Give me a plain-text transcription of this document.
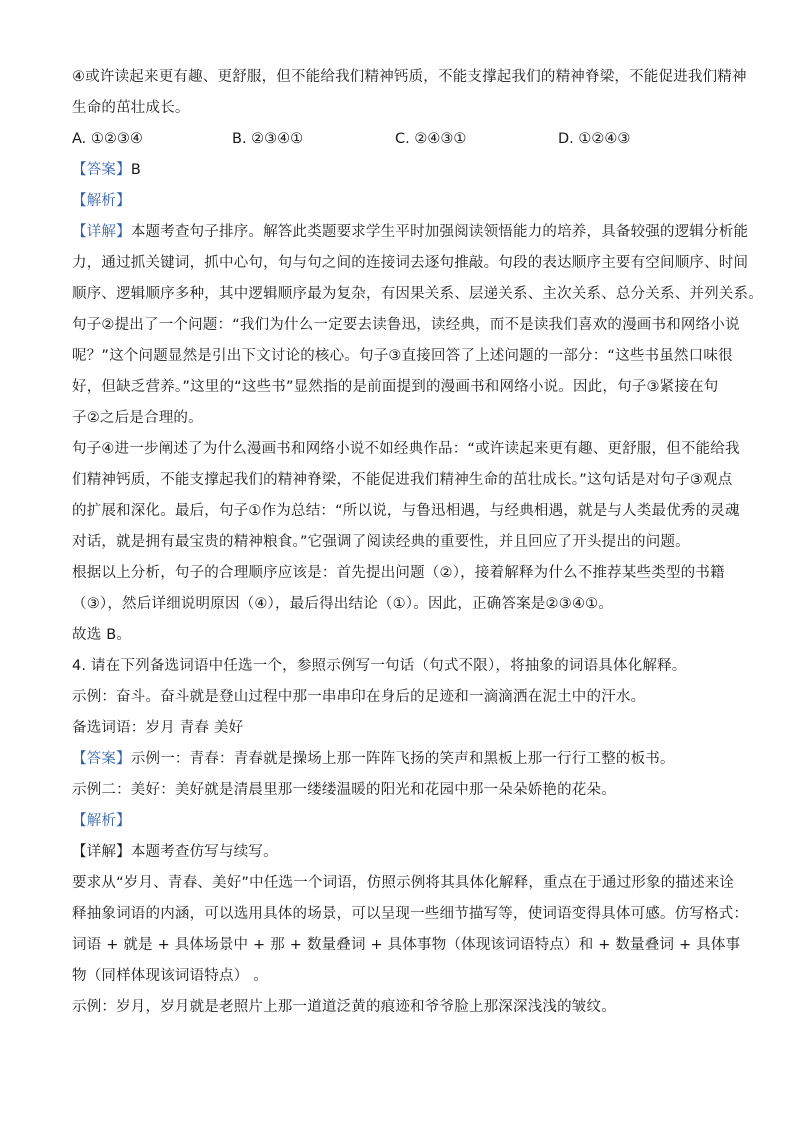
④或许读起来更有趣、更舒服，但不能给我们精神钙质，不能支撑起我们的精神脊梁，不能促进我们精神
生命的茁壮成长。
A. ①②③④	B. ②③④①	C. ②④③①	D. ①②④③
【答案】B
【解析】
【详解】本题考查句子排序。解答此类题要求学生平时加强阅读领悟能力的培养，具备较强的逻辑分析能
力，通过抓关键词，抓中心句，句与句之间的连接词去逐句推敲。句段的表达顺序主要有空间顺序、时间
顺序、逻辑顺序多种，其中逻辑顺序最为复杂，有因果关系、层递关系、主次关系、总分关系、并列关系。
句子②提出了一个问题：“我们为什么一定要去读鲁迅，读经典，而不是读我们喜欢的漫画书和网络小说
呢？”这个问题显然是引出下文讨论的核心。句子③直接回答了上述问题的一部分：“这些书虽然口味很
好，但缺乏营养。”这里的“这些书”显然指的是前面提到的漫画书和网络小说。因此，句子③紧接在句
子②之后是合理的。
句子④进一步阐述了为什么漫画书和网络小说不如经典作品：“或许读起来更有趣、更舒服，但不能给我
们精神钙质，不能支撑起我们的精神脊梁，不能促进我们精神生命的茁壮成长。”这句话是对句子③观点
的扩展和深化。最后，句子①作为总结：“所以说，与鲁迅相遇，与经典相遇，就是与人类最优秀的灵魂
对话，就是拥有最宝贵的精神粮食。”它强调了阅读经典的重要性，并且回应了开头提出的问题。
根据以上分析，句子的合理顺序应该是：首先提出问题（②），接着解释为什么不推荐某些类型的书籍
（③），然后详细说明原因（④），最后得出结论（①）。因此，正确答案是②③④①。
故选 B。
4. 请在下列备选词语中任选一个，参照示例写一句话（句式不限），将抽象的词语具体化解释。
示例：奋斗。奋斗就是登山过程中那一串串印在身后的足迹和一滴滴洒在泥土中的汗水。
备选词语：岁月 青春 美好
【答案】示例一：青春：青春就是操场上那一阵阵飞扬的笑声和黑板上那一行行工整的板书。
示例二：美好：美好就是清晨里那一缕缕温暖的阳光和花园中那一朵朵娇艳的花朵。
【解析】
【详解】本题考查仿写与续写。
要求从“岁月、青春、美好”中任选一个词语，仿照示例将其具体化解释，重点在于通过形象的描述来诠
释抽象词语的内涵，可以选用具体的场景，可以呈现一些细节描写等，使词语变得具体可感。仿写格式：
词语 + 就是 + 具体场景中 + 那 + 数量叠词 + 具体事物（体现该词语特点）和 + 数量叠词 + 具体事
物（同样体现该词语特点） 。
示例：岁月，岁月就是老照片上那一道道泛黄的痕迹和爷爷脸上那深深浅浅的皱纹。
